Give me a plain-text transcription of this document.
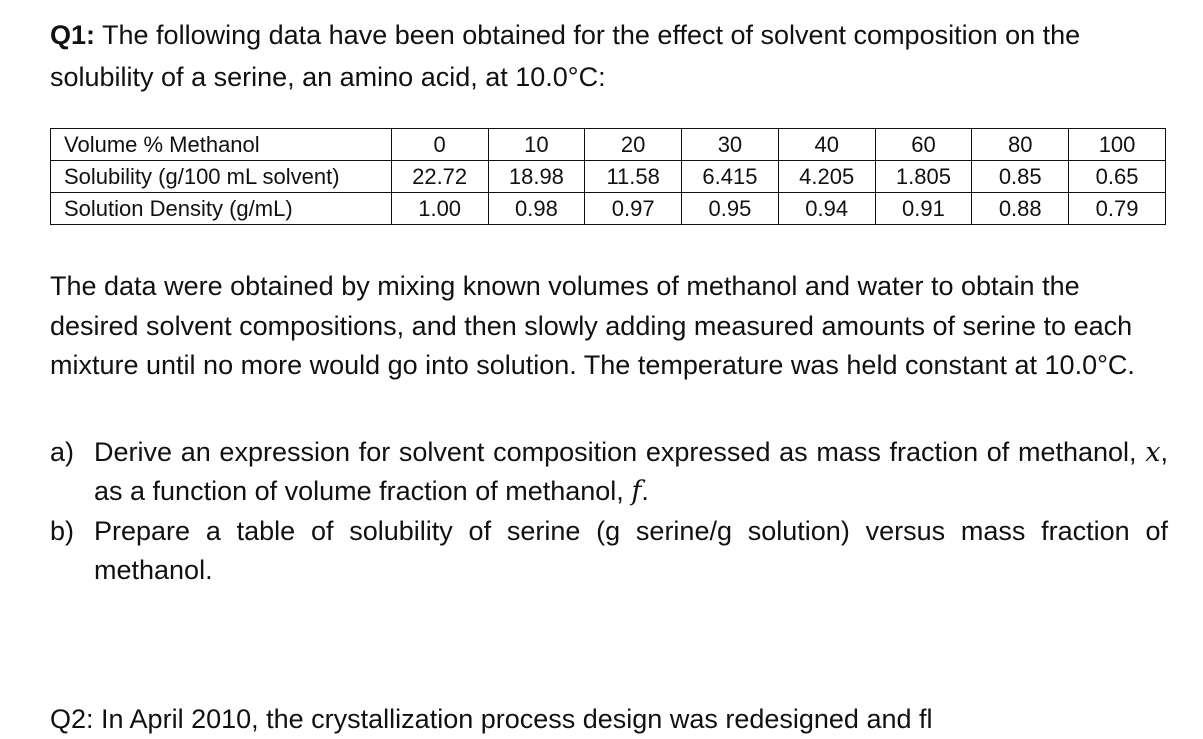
Q1: The following data have been obtained for the effect of solvent composition on the solubility of a serine, an amino acid, at 10.0°C:

Volume % Methanol	0	10	20	30	40	60	80	100
Solubility (g/100 mL solvent)	22.72	18.98	11.58	6.415	4.205	1.805	0.85	0.65
Solution Density (g/mL)	1.00	0.98	0.97	0.95	0.94	0.91	0.88	0.79

The data were obtained by mixing known volumes of methanol and water to obtain the desired solvent compositions, and then slowly adding measured amounts of serine to each mixture until no more would go into solution. The temperature was held constant at 10.0°C.

a) Derive an expression for solvent composition expressed as mass fraction of methanol, x, as a function of volume fraction of methanol, f.
b) Prepare a table of solubility of serine (g serine/g solution) versus mass fraction of methanol.
Q2: In April 2010, the crystallization process design was redesigned and fl
